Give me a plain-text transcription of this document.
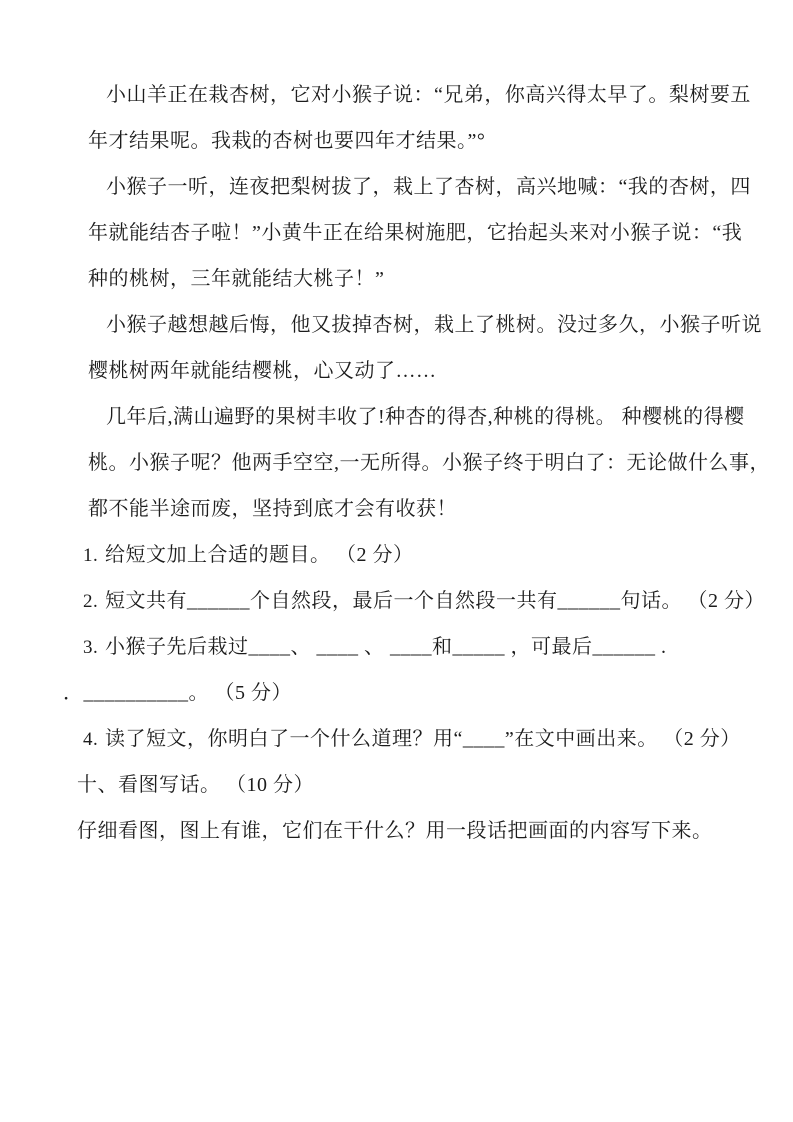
小山羊正在栽杏树，它对小猴子说：“兄弟，你高兴得太早了。梨树要五
年才结果呢。我栽的杏树也要四年才结果。”°
小猴子一听，连夜把梨树拔了，栽上了杏树，高兴地喊：“我的杏树，四
年就能结杏子啦！”小黄牛正在给果树施肥，它抬起头来对小猴子说：“我
种的桃树，三年就能结大桃子！”
小猴子越想越后悔，他又拔掉杏树，栽上了桃树。没过多久，小猴子听说
樱桃树两年就能结樱桃，心又动了……
几年后,满山遍野的果树丰收了!种杏的得杏,种桃的得桃。 种樱桃的得樱
桃。小猴子呢？他两手空空,一无所得。小猴子终于明白了：无论做什么事，
都不能半途而废，坚持到底才会有收获！
1. 给短文加上合适的题目。 （2 分）
2. 短文共有______个自然段，最后一个自然段一共有______句话。 （2 分）
3. 小猴子先后栽过____、 ____ 、 ____和_____ ，可最后______ .
．__________。 （5 分）
4. 读了短文，你明白了一个什么道理？用“____”在文中画出来。 （2 分）
十、看图写话。 （10 分）
仔细看图，图上有谁，它们在干什么？用一段话把画面的内容写下来。
